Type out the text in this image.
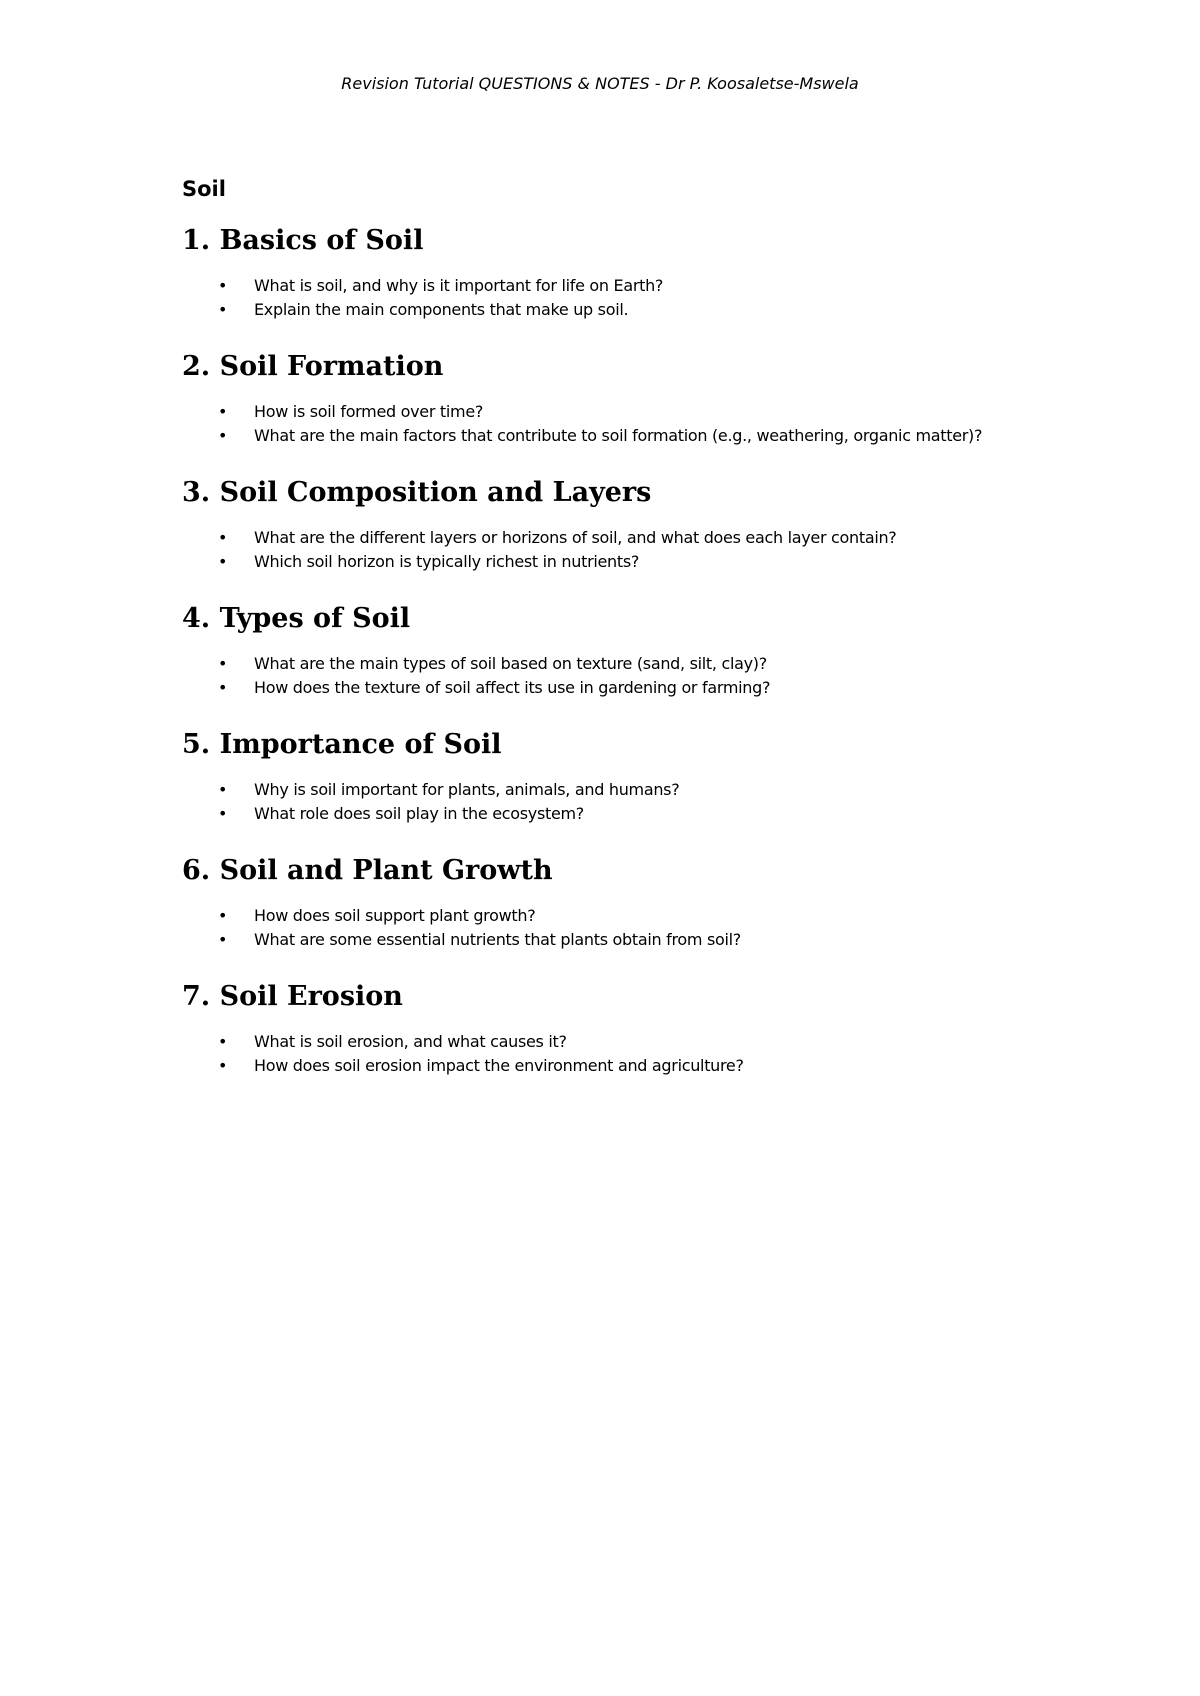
Revision Tutorial QUESTIONS & NOTES - Dr P. Koosaletse-Mswela
Soil
1. Basics of Soil
• What is soil, and why is it important for life on Earth?
• Explain the main components that make up soil.
2. Soil Formation
• How is soil formed over time?
• What are the main factors that contribute to soil formation (e.g., weathering, organic matter)?
3. Soil Composition and Layers
• What are the different layers or horizons of soil, and what does each layer contain?
• Which soil horizon is typically richest in nutrients?
4. Types of Soil
• What are the main types of soil based on texture (sand, silt, clay)?
• How does the texture of soil affect its use in gardening or farming?
5. Importance of Soil
• Why is soil important for plants, animals, and humans?
• What role does soil play in the ecosystem?
6. Soil and Plant Growth
• How does soil support plant growth?
• What are some essential nutrients that plants obtain from soil?
7. Soil Erosion
• What is soil erosion, and what causes it?
• How does soil erosion impact the environment and agriculture?
